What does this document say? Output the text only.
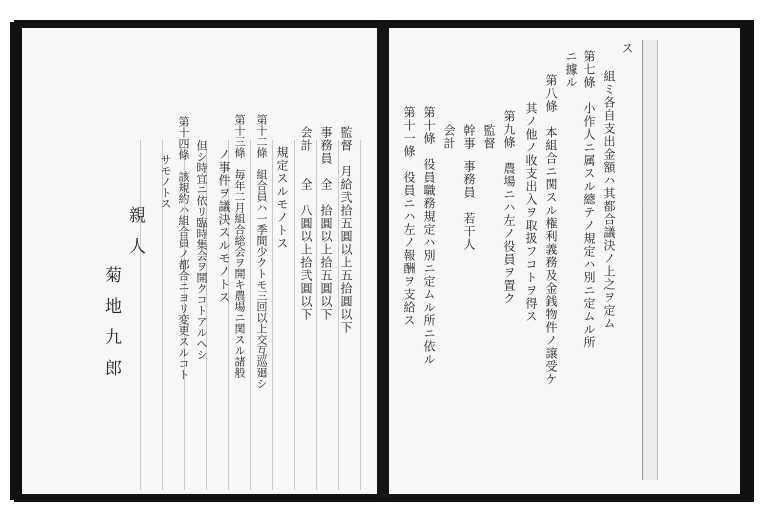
監督　月給弐拾五圓以上五拾圓以下
事務員　全　拾圓以上拾五圓以下
会計　　全　八圓以上拾弐圓以下
規定スルモノトス
第十二條　組合員ハ一季間少クトモ三回以上交互巡廻シ
第十三條　毎年二月組合総会ヲ開キ農場ニ関スル諸般
ノ事件ヲ議決スルモノトス
但シ時宜ニ依リ臨時集会ヲ開クコトアルヘシ
第十四條　該規約ハ組合員ノ都合ニヨリ変更スルコト
サモノトス
親人
菊地九郎
ス
組ミ各自支出金額ハ其都合議決ノ上之ヲ定ム
第七條　小作人ニ属スル總テノ規定ハ別ニ定ムル所
ニ據ル
第八條　本組合ニ関スル権利義務及金銭物件ノ譲受ケ
其ノ他ノ收支出入ヲ取扱フコトヲ得ス
第九條　農場ニハ左ノ役員ヲ置ク
監督
幹事
事務員　若干人
会計
第十條　役員職務規定ハ別ニ定ムル所ニ依ル
第十一條　役員ニハ左ノ報酬ヲ支給ス
